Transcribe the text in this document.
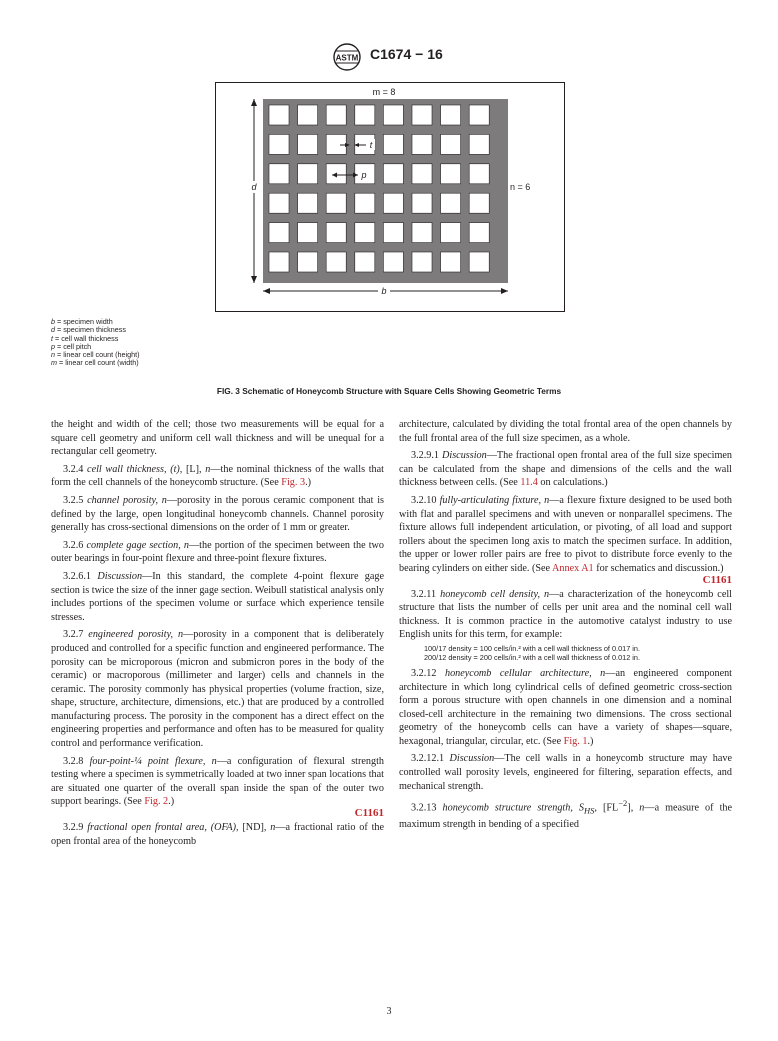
ASTM C1674 − 16
m = 8
d	n = 6
b
t
p
b = specimen width
d = specimen thickness
t = cell wall thickness
p = cell pitch
n = linear cell count (height)
m = linear cell count (width)
FIG. 3 Schematic of Honeycomb Structure with Square Cells Showing Geometric Terms

the height and width of the cell; those two measurements will be equal for a square cell geometry and uniform cell wall thickness and will be unequal for a rectangular cell geometry.

3.2.4 cell wall thickness, (t), [L], n—the nominal thickness of the walls that form the cell channels of the honeycomb structure. (See Fig. 3.)

3.2.5 channel porosity, n—porosity in the porous ceramic component that is defined by the large, open longitudinal honeycomb channels. Channel porosity generally has cross-sectional dimensions on the order of 1 mm or greater.

3.2.6 complete gage section, n—the portion of the specimen between the two outer bearings in four-point flexure and three-point flexure fixtures.

3.2.6.1 Discussion—In this standard, the complete 4-point flexure gage section is twice the size of the inner gage section. Weibull statistical analysis only includes portions of the specimen volume or surface which experience tensile stresses.

3.2.7 engineered porosity, n—porosity in a component that is deliberately produced and controlled for a specific function and engineered performance. The porosity can be microporous (micron and submicron pores in the body of the ceramic) or macroporous (millimeter and larger) cells and channels in the ceramic. The porosity commonly has physical properties (volume fraction, size, shape, structure, architecture, dimensions, etc.) that are produced by a controlled manufacturing process. The porosity in the component has a direct effect on the engineering properties and performance and often has to be measured for quality control and performance verification.

3.2.8 four-point-¼ point flexure, n—a configuration of flexural strength testing where a specimen is symmetrically loaded at two inner span locations that are situated one quarter of the overall span inside the span of the outer two support bearings. (See Fig. 2.)

C1161

3.2.9 fractional open frontal area, (OFA), [ND], n—a fractional ratio of the open frontal area of the honeycomb

architecture, calculated by dividing the total frontal area of the open channels by the full frontal area of the full size specimen, as a whole.

3.2.9.1 Discussion—The fractional open frontal area of the full size specimen can be calculated from the shape and dimensions of the cells and the wall thickness between cells. (See 11.4 on calculations.)

3.2.10 fully-articulating fixture, n—a flexure fixture designed to be used both with flat and parallel specimens and with uneven or nonparallel specimens. The fixture allows full independent articulation, or pivoting, of all load and support rollers about the specimen long axis to match the specimen surface. In addition, the upper or lower roller pairs are free to pivot to distribute force evenly to the bearing cylinders on either side. (See Annex A1 for schematics and discussion.)

C1161

3.2.11 honeycomb cell density, n—a characterization of the honeycomb cell structure that lists the number of cells per unit area and the nominal cell wall thickness. It is common practice in the automotive catalyst industry to use English units for this term, for example:

100/17 density = 100 cells/in.² with a cell wall thickness of 0.017 in.
200/12 density = 200 cells/in.² with a cell wall thickness of 0.012 in.

3.2.12 honeycomb cellular architecture, n—an engineered component architecture in which long cylindrical cells of defined geometric cross-section form a porous structure with open channels in one dimension and a nominal closed-cell architecture in the remaining two dimensions. The cross sectional geometry of the honeycomb cells can have a variety of shapes—square, hexagonal, triangular, circular, etc. (See Fig. 1.)

3.2.12.1 Discussion—The cell walls in a honeycomb structure may have controlled wall porosity levels, engineered for filtering, separation effects, and mechanical strength.

3.2.13 honeycomb structure strength, $S_{HS}$, $[FL^{-2}]$, n—a measure of the maximum strength in bending of a specified

3
